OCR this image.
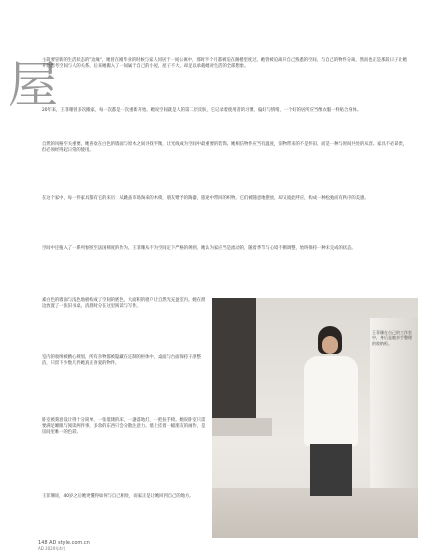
屋
主简要冒新的生活状态的"边缘"，她曾在刚毕业的时候与家人同居于一间公寓中，那时半个月都被迫在阁楼里度过。她曾被迫离开自己熟悉的空间，与自己的物件分离，然而也正是那段日子让她开始思考空间与人的关系。后来她搬入了一间属于自己的小屋，屋子不大，却足以承载她对生活的全部想象。
20年来，王菲珊曾多次搬家，每一次都是一次重新开始。她说空间就是人的第二层皮肤，它记录着使用者的习惯、偏好与情绪，一个好的居所应当像衣服一样贴合身体。
自然的风格至关重要。她喜欢在白色的墙面与原木之间寻找平衡，让光线成为空间中最重要的装饰。她相信物件应当有温度，旧物带来的不是怀旧，而是一种与时间共处的从容。家具不必昂贵，但必须经得起日常的使用。
在这个家中，每一件家具都有它的来历：从跳蚤市场淘来的木椅，朋友赠予的陶器，旅途中带回的织物。它们被随意地摆放，却又彼此呼应，构成一种松弛而有秩序的美感。
空间中还植入了一系列参照至法国梯度的作为。王菲珊从不为空间定下严格的规则，她认为家应当是流动的，随着季节与心境不断调整，始终保持一种未完成的状态。
素白色的墙面与浅色地板构成了空间的底色，大面积的窗户让自然光充盈室内。她在窗边放置了一张旧书桌，清晨时分在这里阅读与写作。
室内的收纳被精心规划，所有杂物都被隐藏在定制的柜体中，桌面与台面保持干净整洁，只留下少数几件她真正喜爱的物件。
卧室被刻意设计得十分简单，一张低矮的床，一盏落地灯，一把扶手椅。她说卧室只需要满足睡眠与阅读两件事，多余的东西只会分散注意力。墙上挂着一幅朋友的画作，是房间里唯一的色彩。
王菲珊说，40岁之后她更懂得如何与自己相处，而家正是让她回到自己的地方。
王菲珊在自己的工作室中，身后是她亲手整理的收纳柜。
148 AD style.com.cn
AD 2020年4月
